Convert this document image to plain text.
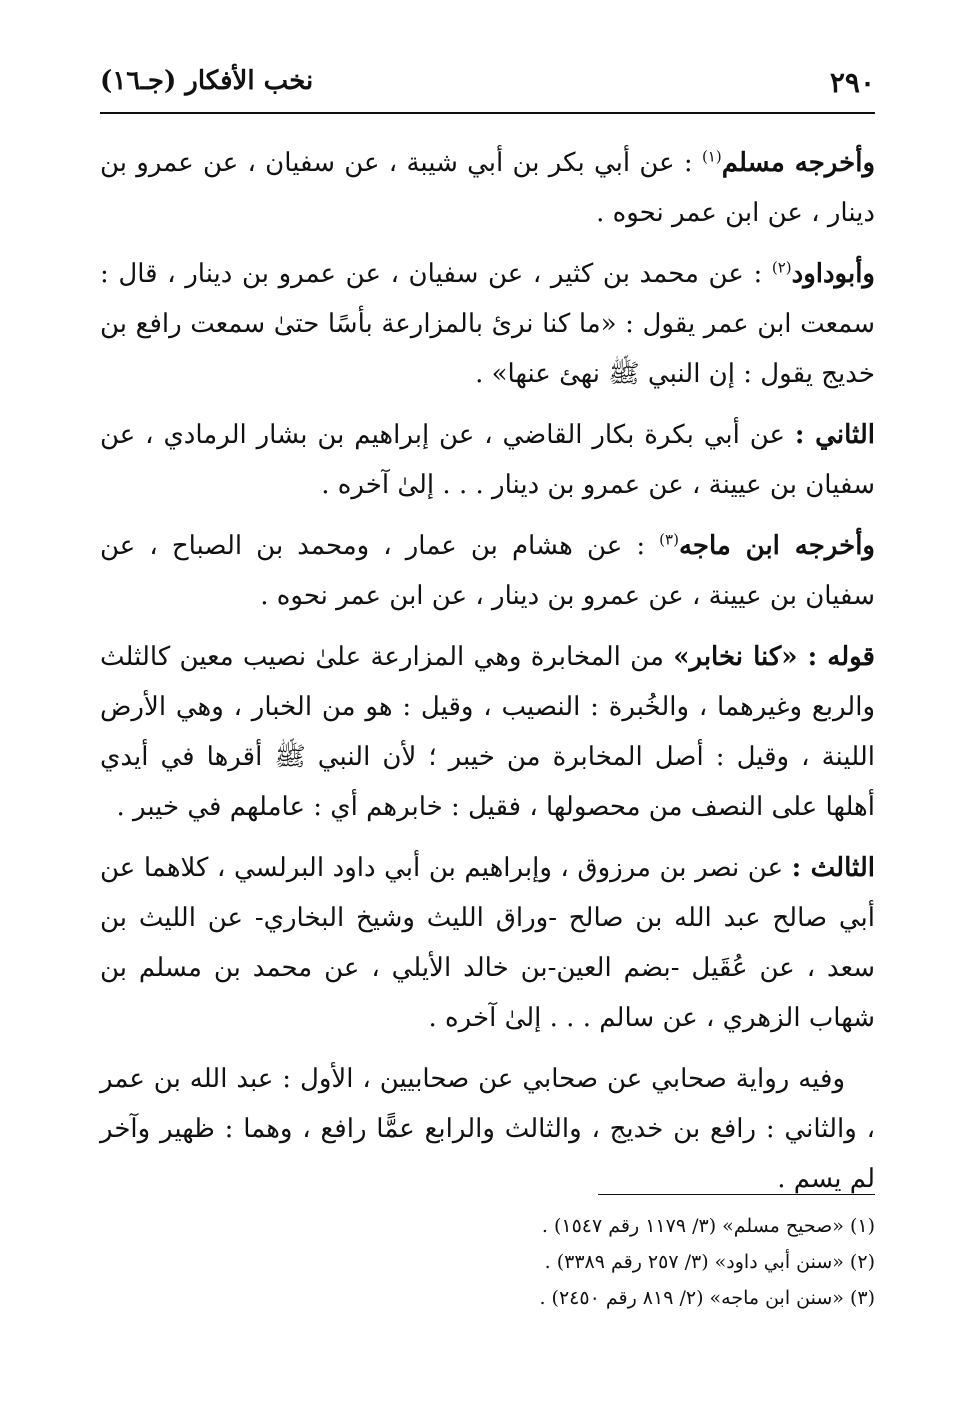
٢٩٠
نخب الأفكار (جـ١٦)

وأخرجه مسلم$^{(١)}$ : عن أبي بكر بن أبي شيبة ، عن سفيان ، عن عمرو بن دينار ، عن ابن عمر نحوه .

وأبوداود$^{(٢)}$ : عن محمد بن كثير ، عن سفيان ، عن عمرو بن دينار ، قال : سمعت ابن عمر يقول : «ما كنا نرئ بالمزارعة بأسًا حتىٰ سمعت رافع بن خديج يقول : إن النبي ﷺ نهئ عنها» .

الثاني : عن أبي بكرة بكار القاضي ، عن إبراهيم بن بشار الرمادي ، عن سفيان بن عيينة ، عن عمرو بن دينار . . . إلىٰ آخره .

وأخرجه ابن ماجه$^{(٣)}$ : عن هشام بن عمار ، ومحمد بن الصباح ، عن سفيان بن عيينة ، عن عمرو بن دينار ، عن ابن عمر نحوه .

قوله : «كنا نخابر» من المخابرة وهي المزارعة علىٰ نصيب معين كالثلث والربع وغيرهما ، والخُبرة : النصيب ، وقيل : هو من الخبار ، وهي الأرض اللينة ، وقيل : أصل المخابرة من خيبر ؛ لأن النبي ﷺ أقرها في أيدي أهلها على النصف من محصولها ، فقيل : خابرهم أي : عاملهم في خيبر .

الثالث : عن نصر بن مرزوق ، وإبراهيم بن أبي داود البرلسي ، كلاهما عن أبي صالح عبد الله بن صالح -وراق الليث وشيخ البخاري- عن الليث بن سعد ، عن عُقَيل -بضم العين-بن خالد الأيلي ، عن محمد بن مسلم بن شهاب الزهري ، عن سالم . . . إلىٰ آخره .

وفيه رواية صحابي عن صحابي عن صحابيين ، الأول : عبد الله بن عمر ، والثاني : رافع بن خديج ، والثالث والرابع عمًّا رافع ، وهما : ظهير وآخر لم يسم .

(١) «صحيح مسلم» (٣/ ١١٧٩ رقم ١٥٤٧) .

(٢) «سنن أبي داود» (٣/ ٢٥٧ رقم ٣٣٨٩) .

(٣) «سنن ابن ماجه» (٢/ ٨١٩ رقم ٢٤٥٠) .
